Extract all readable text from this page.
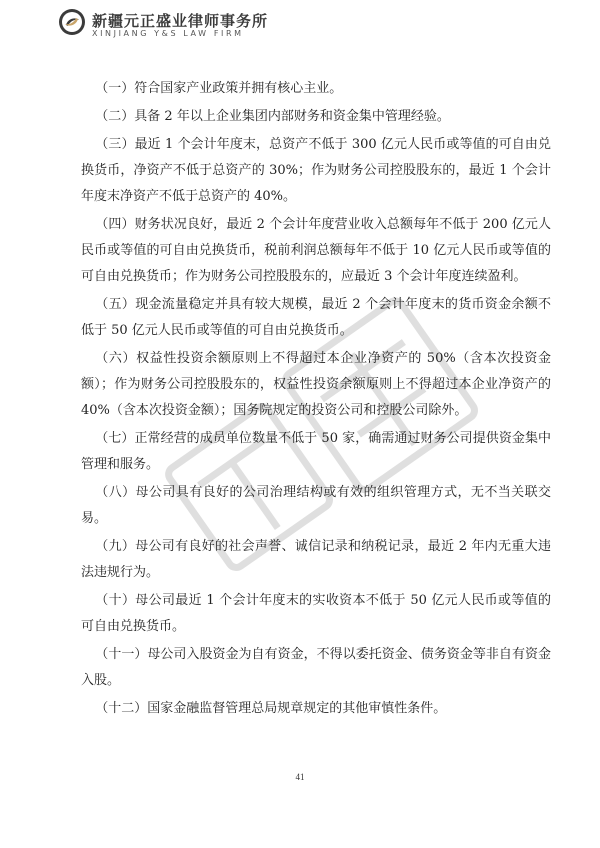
新疆元正盛业律师事务所
XINJIANG Y&S LAW FIRM

（一）符合国家产业政策并拥有核心主业。

（二）具备 2 年以上企业集团内部财务和资金集中管理经验。

（三）最近 1 个会计年度末，总资产不低于 300 亿元人民币或等值的可自由兑换货币，净资产不低于总资产的 30%；作为财务公司控股股东的，最近 1 个会计年度末净资产不低于总资产的 40%。

（四）财务状况良好，最近 2 个会计年度营业收入总额每年不低于 200 亿元人民币或等值的可自由兑换货币，税前利润总额每年不低于 10 亿元人民币或等值的可自由兑换货币；作为财务公司控股股东的，应最近 3 个会计年度连续盈利。

（五）现金流量稳定并具有较大规模，最近 2 个会计年度末的货币资金余额不低于 50 亿元人民币或等值的可自由兑换货币。

（六）权益性投资余额原则上不得超过本企业净资产的 50%（含本次投资金额）；作为财务公司控股股东的，权益性投资余额原则上不得超过本企业净资产的 40%（含本次投资金额）；国务院规定的投资公司和控股公司除外。

（七）正常经营的成员单位数量不低于 50 家，确需通过财务公司提供资金集中管理和服务。

（八）母公司具有良好的公司治理结构或有效的组织管理方式，无不当关联交易。

（九）母公司有良好的社会声誉、诚信记录和纳税记录，最近 2 年内无重大违法违规行为。

（十）母公司最近 1 个会计年度末的实收资本不低于 50 亿元人民币或等值的可自由兑换货币。

（十一）母公司入股资金为自有资金，不得以委托资金、债务资金等非自有资金入股。

（十二）国家金融监督管理总局规章规定的其他审慎性条件。

41
